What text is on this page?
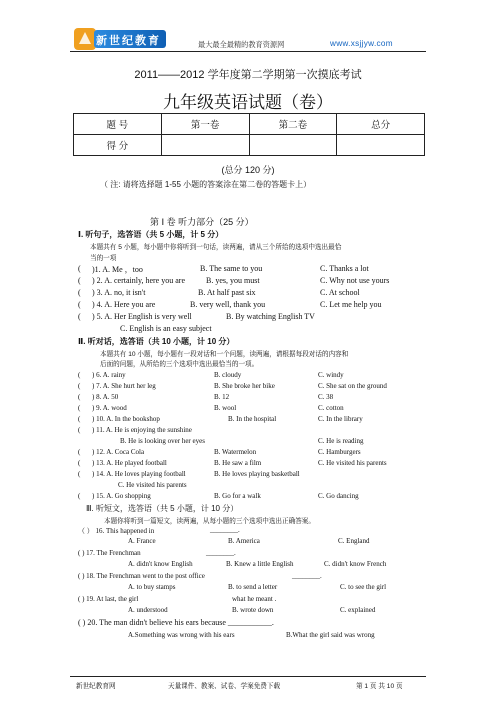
新世纪教育	最大最全最精的教育资源网	www.xsjjyw.com
2011——2012 学年度第二学期第一次摸底考试
九年级英语试题（卷）
题 号	第一卷	第二卷	总分
得 分			
(总分 120 分)
（ 注: 请将选择题 1-55 小题的答案涂在第二卷的答题卡上）
第 Ⅰ 卷 听力部分（25 分）
Ⅰ. 听句子，选答语（共 5 小题，计 5 分）
本题共有 5 小题，每小题中你将听到一句话，读两遍，请从三个所给的选项中选出最恰
当的一项
( )1. A. Me ，too	B. The same to you	C. Thanks a lot
( ) 2. A. certainly, here you are	B. yes, you must	C. Why not use yours
( ) 3. A. no, it isn't	B. At half past six	C. At school
( ) 4. A. Here you are	B. very well, thank you	C. Let me help you
( ) 5. A. Her English is very well	B. By watching English TV
C. English is an easy subject
Ⅱ. 听对话，选答语（共 10 小题，计 10 分）
本题共有 10 小题，每小题有一段对话和一个问题，读两遍，请根据每段对话的内容和
后面的问题，从所给的三个选项中选出最恰当的一项。
( ) 6. A. rainy	B. cloudy	C. windy
( ) 7. A. She hurt her leg	B. She broke her bike	C. She sat on the ground
( ) 8. A. 50	B. 12	C. 38
( ) 9. A. wood	B. wool	C. cotton
( ) 10. A. In the bookshop	B. In the hospital	C. In the library
( ) 11. A. He is enjoying the sunshine
B. He is looking over her eyes	C. He is reading
( ) 12. A. Coca Cola	B. Watermelon	C. Hamburgers
( ) 13. A. He played football	B. He saw a film	C. He visited his parents
( ) 14. A. He loves playing football	B. He loves playing basketball
C. He visited his parents
( ) 15. A. Go shopping	B. Go for a walk	C. Go dancing
Ⅲ. 听短文，选答语（共 5 小题，计 10 分）
本题你将听到一篇短文，读两遍，从每小题的三个选项中选出正确答案。
（ ） 16. This happened in	________.
A. France	B. America	C. England
( ) 17. The Frenchman	________.
A. didn't know English	B. Knew a little English	C. didn't know French
( ) 18. The Frenchman went to the post office	________.
A. to buy stamps	B. to send a letter	C. to see the girl
( ) 19. At last, the girl	what he meant .
A. understood	B. wrote down	C. explained
( ) 20. The man didn't believe his ears because ___________.
A.Something was wrong with his ears	B.What the girl said was wrong
新世纪教育网	天量课件、教案、试卷、学案免费下载	第 1 页 共 10 页
